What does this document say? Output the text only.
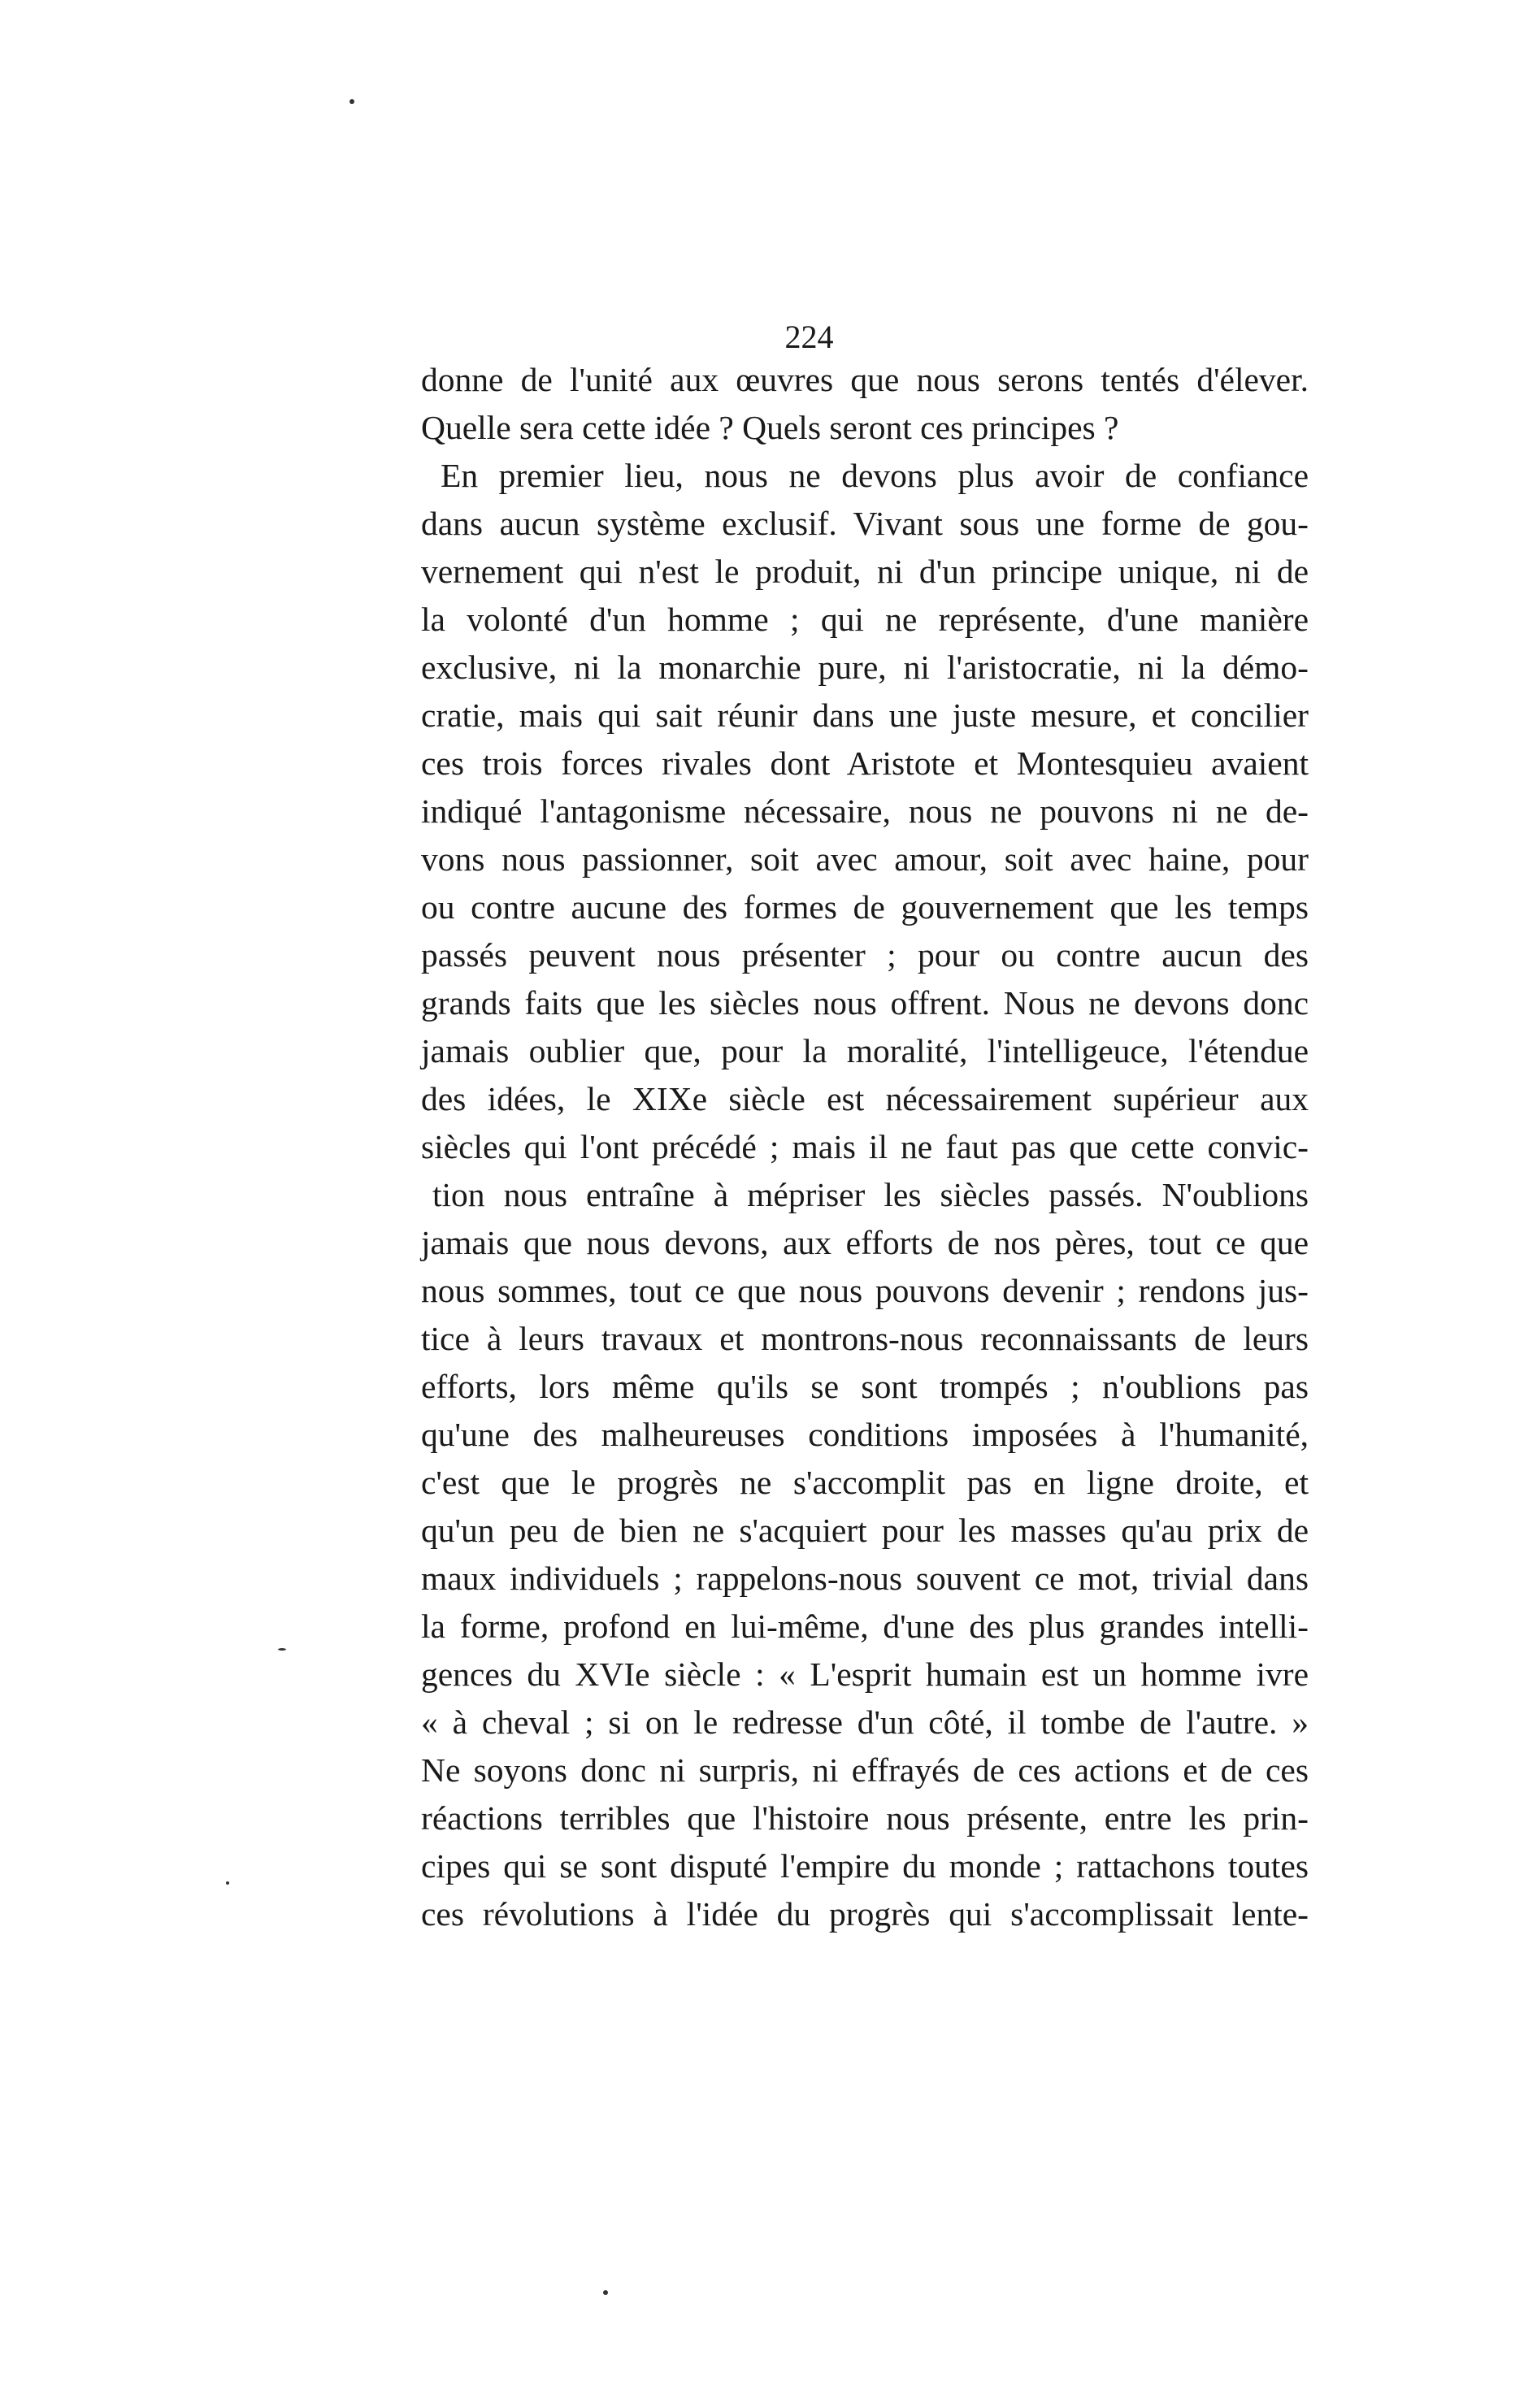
224
donne de l'unité aux œuvres que nous serons tentés d'élever.
Quelle sera cette idée ? Quels seront ces principes ?
En premier lieu, nous ne devons plus avoir de confiance
dans aucun système exclusif. Vivant sous une forme de gou-
vernement qui n'est le produit, ni d'un principe unique, ni de
la volonté d'un homme ; qui ne représente, d'une manière
exclusive, ni la monarchie pure, ni l'aristocratie, ni la démo-
cratie, mais qui sait réunir dans une juste mesure, et concilier
ces trois forces rivales dont Aristote et Montesquieu avaient
indiqué l'antagonisme nécessaire, nous ne pouvons ni ne de-
vons nous passionner, soit avec amour, soit avec haine, pour
ou contre aucune des formes de gouvernement que les temps
passés peuvent nous présenter ; pour ou contre aucun des
grands faits que les siècles nous offrent. Nous ne devons donc
jamais oublier que, pour la moralité, l'intelligeuce, l'étendue
des idées, le XIXe siècle est nécessairement supérieur aux
siècles qui l'ont précédé ; mais il ne faut pas que cette convic-
tion nous entraîne à mépriser les siècles passés. N'oublions
jamais que nous devons, aux efforts de nos pères, tout ce que
nous sommes, tout ce que nous pouvons devenir ; rendons jus-
tice à leurs travaux et montrons-nous reconnaissants de leurs
efforts, lors même qu'ils se sont trompés ; n'oublions pas
qu'une des malheureuses conditions imposées à l'humanité,
c'est que le progrès ne s'accomplit pas en ligne droite, et
qu'un peu de bien ne s'acquiert pour les masses qu'au prix de
maux individuels ; rappelons-nous souvent ce mot, trivial dans
la forme, profond en lui-même, d'une des plus grandes intelli-
gences du XVIe siècle : « L'esprit humain est un homme ivre
« à cheval ; si on le redresse d'un côté, il tombe de l'autre. »
Ne soyons donc ni surpris, ni effrayés de ces actions et de ces
réactions terribles que l'histoire nous présente, entre les prin-
cipes qui se sont disputé l'empire du monde ; rattachons toutes
ces révolutions à l'idée du progrès qui s'accomplissait lente-
